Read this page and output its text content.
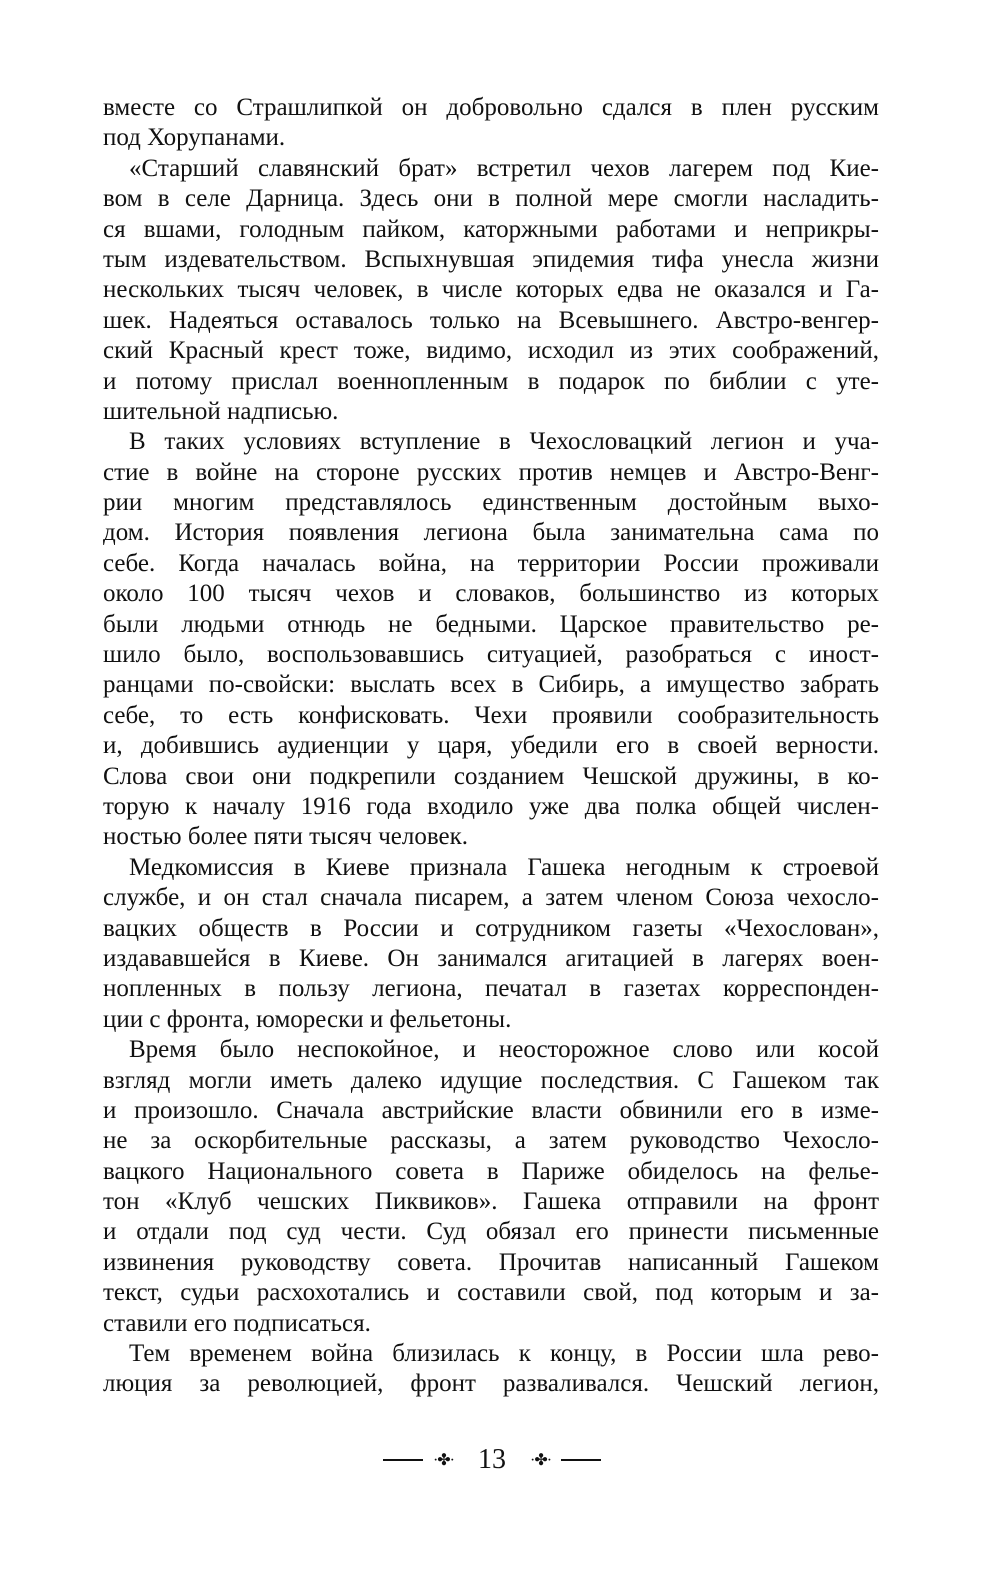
вместе со Страшлипкой он добровольно сдался в плен русским
под Хорупанами.
«Старший славянский брат» встретил чехов лагерем под Кие-
вом в селе Дарница. Здесь они в полной мере смогли насладить-
ся вшами, голодным пайком, каторжными работами и неприкры-
тым издевательством. Вспыхнувшая эпидемия тифа унесла жизни
нескольких тысяч человек, в числе которых едва не оказался и Га-
шек. Надеяться оставалось только на Всевышнего. Австро-венгер-
ский Красный крест тоже, видимо, исходил из этих соображений,
и потому прислал военнопленным в подарок по библии с уте-
шительной надписью.
В таких условиях вступление в Чехословацкий легион и уча-
стие в войне на стороне русских против немцев и Австро-Венг-
рии многим представлялось единственным достойным выхо-
дом. История появления легиона была занимательна сама по
себе. Когда началась война, на территории России проживали
около 100 тысяч чехов и словаков, большинство из которых
были людьми отнюдь не бедными. Царское правительство ре-
шило было, воспользовавшись ситуацией, разобраться с иност-
ранцами по-свойски: выслать всех в Сибирь, а имущество забрать
себе, то есть конфисковать. Чехи проявили сообразительность
и, добившись аудиенции у царя, убедили его в своей верности.
Слова свои они подкрепили созданием Чешской дружины, в ко-
торую к началу 1916 года входило уже два полка общей числен-
ностью более пяти тысяч человек.
Медкомиссия в Киеве признала Гашека негодным к строевой
службе, и он стал сначала писарем, а затем членом Союза чехосло-
вацких обществ в России и сотрудником газеты «Чехослован»,
издававшейся в Киеве. Он занимался агитацией в лагерях воен-
нопленных в пользу легиона, печатал в газетах корреспонден-
ции с фронта, юморески и фельетоны.
Время было неспокойное, и неосторожное слово или косой
взгляд могли иметь далеко идущие последствия. С Гашеком так
и произошло. Сначала австрийские власти обвинили его в изме-
не за оскорбительные рассказы, а затем руководство Чехосло-
вацкого Национального совета в Париже обиделось на фелье-
тон «Клуб чешских Пиквиков». Гашека отправили на фронт
и отдали под суд чести. Суд обязал его принести письменные
извинения руководству совета. Прочитав написанный Гашеком
текст, судьи расхохотались и составили свой, под которым и за-
ставили его подписаться.
Тем временем война близилась к концу, в России шла рево-
люция за революцией, фронт разваливался. Чешский легион,
·✤· 13	·✤·
